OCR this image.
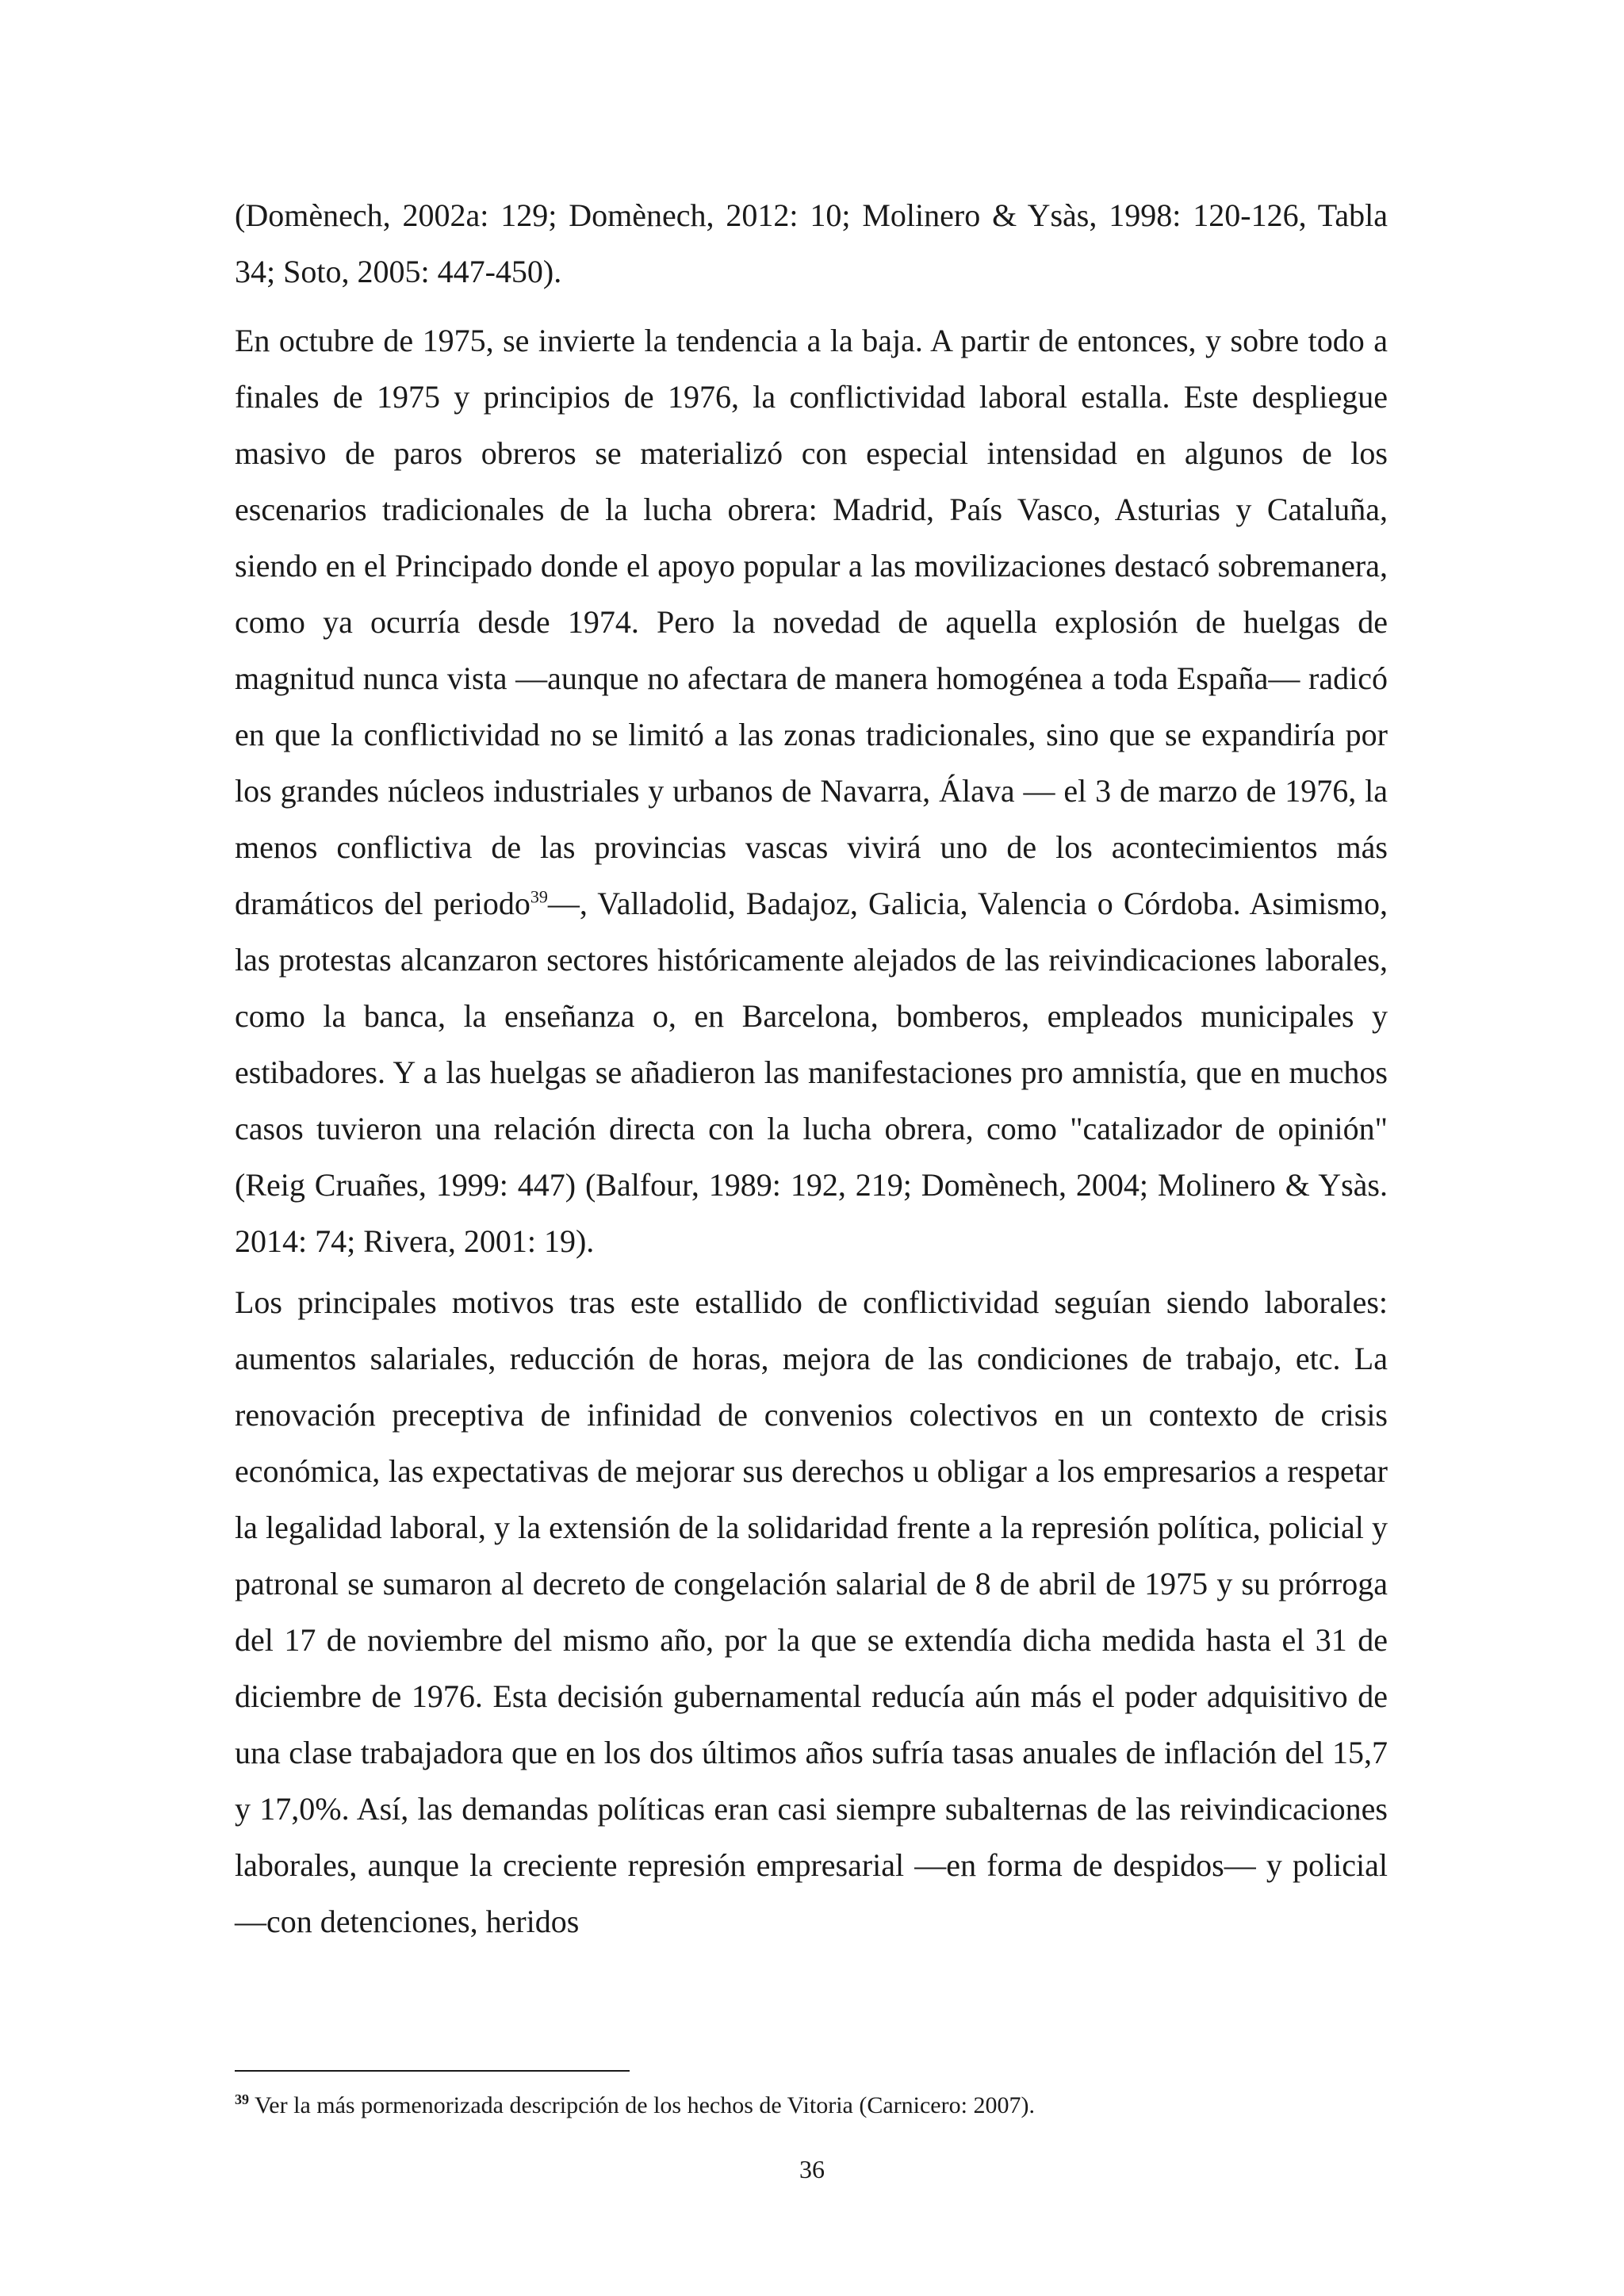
(Domènech, 2002a: 129; Domènech, 2012: 10; Molinero & Ysàs, 1998: 120-126, Tabla 34; Soto, 2005: 447-450).

En octubre de 1975, se invierte la tendencia a la baja. A partir de entonces, y sobre todo a finales de 1975 y principios de 1976, la conflictividad laboral estalla. Este despliegue masivo de paros obreros se materializó con especial intensidad en algunos de los escenarios tradicionales de la lucha obrera: Madrid, País Vasco, Asturias y Cataluña, siendo en el Principado donde el apoyo popular a las movilizaciones destacó sobremanera, como ya ocurría desde 1974. Pero la novedad de aquella explosión de huelgas de magnitud nunca vista —aunque no afectara de manera homogénea a toda España— radicó en que la conflictividad no se limitó a las zonas tradicionales, sino que se expandiría por los grandes núcleos industriales y urbanos de Navarra, Álava — el 3 de marzo de 1976, la menos conflictiva de las provincias vascas vivirá uno de los acontecimientos más dramáticos del periodo$^{39}$—, Valladolid, Badajoz, Galicia, Valencia o Córdoba. Asimismo, las protestas alcanzaron sectores históricamente alejados de las reivindicaciones laborales, como la banca, la enseñanza o, en Barcelona, bomberos, empleados municipales y estibadores. Y a las huelgas se añadieron las manifestaciones pro amnistía, que en muchos casos tuvieron una relación directa con la lucha obrera, como "catalizador de opinión" (Reig Cruañes, 1999: 447) (Balfour, 1989: 192, 219; Domènech, 2004; Molinero & Ysàs. 2014: 74; Rivera, 2001: 19).

Los principales motivos tras este estallido de conflictividad seguían siendo laborales: aumentos salariales, reducción de horas, mejora de las condiciones de trabajo, etc. La renovación preceptiva de infinidad de convenios colectivos en un contexto de crisis económica, las expectativas de mejorar sus derechos u obligar a los empresarios a respetar la legalidad laboral, y la extensión de la solidaridad frente a la represión política, policial y patronal se sumaron al decreto de congelación salarial de 8 de abril de 1975 y su prórroga del 17 de noviembre del mismo año, por la que se extendía dicha medida hasta el 31 de diciembre de 1976. Esta decisión gubernamental reducía aún más el poder adquisitivo de una clase trabajadora que en los dos últimos años sufría tasas anuales de inflación del 15,7 y 17,0%. Así, las demandas políticas eran casi siempre subalternas de las reivindicaciones laborales, aunque la creciente represión empresarial —en forma de despidos— y policial —con detenciones, heridos

$^{39}$ Ver la más pormenorizada descripción de los hechos de Vitoria (Carnicero: 2007).
36
